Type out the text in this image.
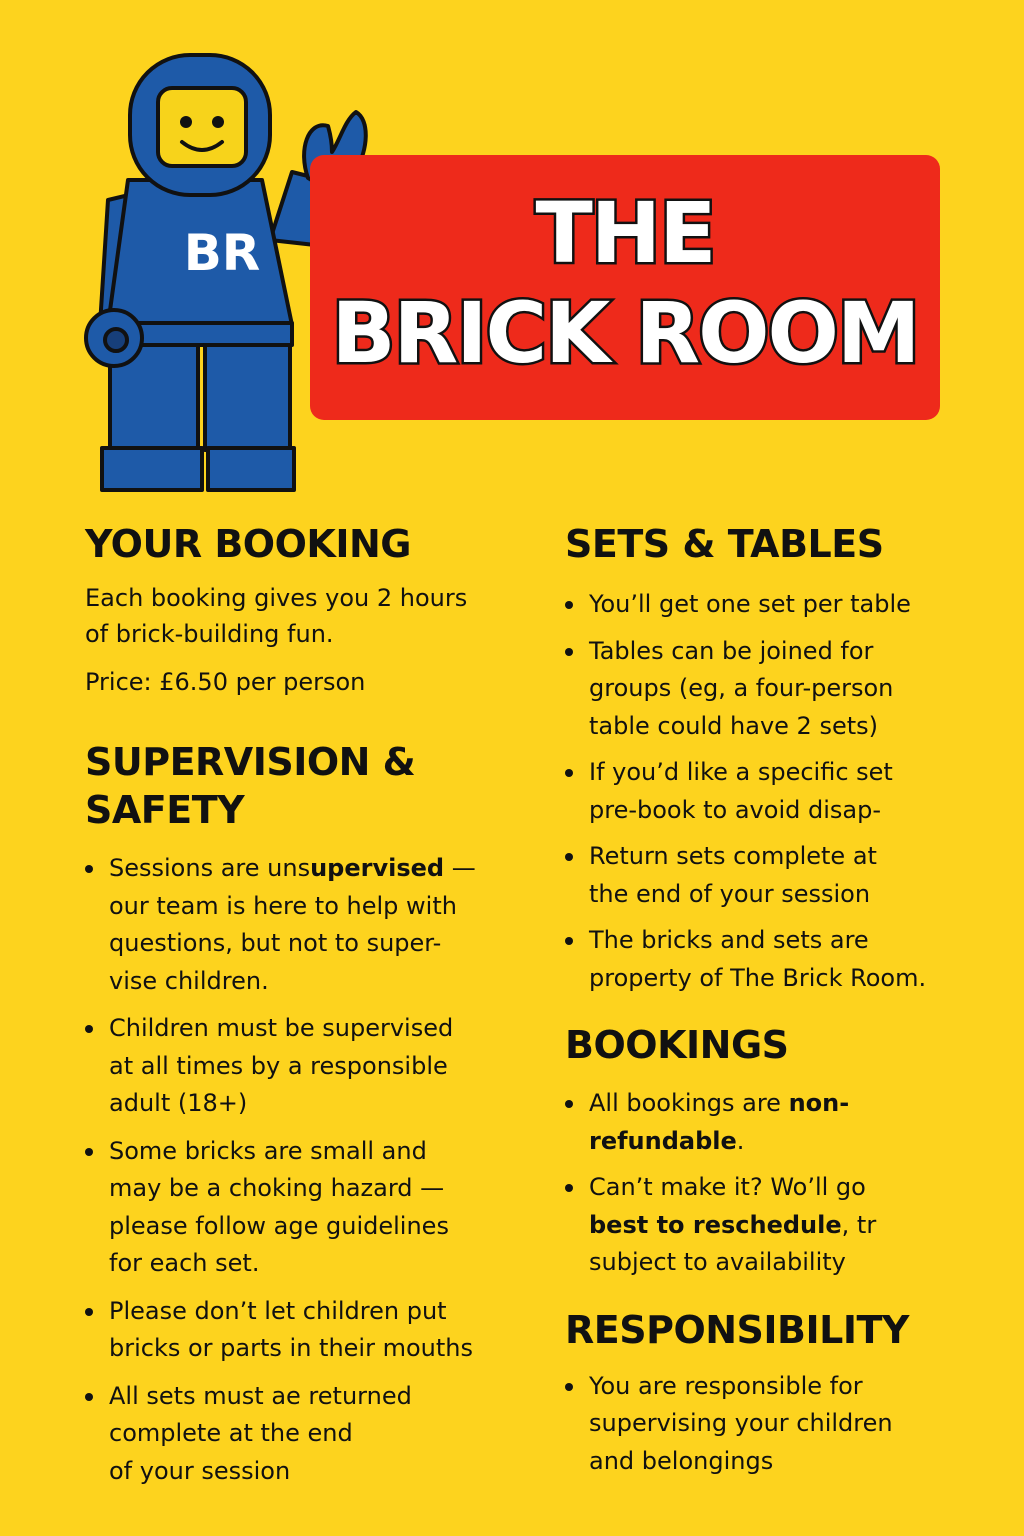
BR	THE
BRICK ROOM
YOUR BOOKING

Each booking gives you 2 hours

of brick-building fun.

Price: £6.50 per person

SUPERVISION &
SAFETY
Sessions are unsupervised —
our team is here to help with
questions, but not to super-
vise children.
Children must be supervised
at all times by a responsible
adult (18+)
Some bricks are small and
may be a choking hazard —
please follow age guidelines
for each set.
Please don’t let children put
bricks or parts in their mouths
All sets must ae returned
complete at the end
of your session
SETS & TABLES
You’ll get one set per table
Tables can be joined for
groups (eg, a four-person
table could have 2 sets)
If you’d like a specific set
pre-book to avoid disap-
Return sets complete at
the end of your session
The bricks and sets are
property of The Brick Room.
BOOKINGS
All bookings are non-
refundable.
Can’t make it? Wo’ll go
best to reschedule, tr
subject to availability
RESPONSIBILITY
You are responsible for
supervising your children
and belongings
